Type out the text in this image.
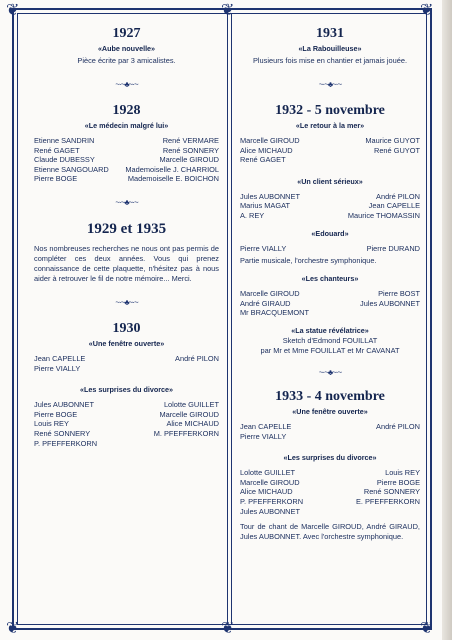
❦	❦
❦	❦
❦
❦
1927
«Aube nouvelle»
Pièce écrite par 3 amicalistes.
~·~♣~·~
1928
«Le médecin malgré lui»
Etienne SANDRIN	René VERMARE
René GAGET	René SONNERY
Claude DUBESSY	Marcelle GIROUD
Etienne SANGOUARD Mademoiselle J. CHARRIOL
Pierre BOGE	Mademoiselle E. BOICHON
~·~♣~·~
1929 et 1935
Nos nombreuses recherches ne nous ont pas permis de compléter ces deux années. Vous qui prenez connaissance de cette plaquette, n'hésitez pas à nous aider à retrouver le fil de notre mémoire... Merci.
~·~♣~·~
1930
«Une fenêtre ouverte»
Jean CAPELLE	André PILON
Pierre VIALLY
«Les surprises du divorce»
Jules AUBONNET	Lolotte GUILLET
Pierre BOGE	Marcelle GIROUD
Louis REY	Alice MICHAUD
René SONNERY	M. PFEFFERKORN
P. PFEFFERKORN
1931
«La Rabouilleuse»
Plusieurs fois mise en chantier et jamais jouée.
~·~♣~·~
1932 - 5 novembre
«Le retour à la mer»
Marcelle GIROUD	Maurice GUYOT
Alice MICHAUD	René GUYOT
René GAGET
«Un client sérieux»
Jules AUBONNET	André PILON
Marius MAGAT	Jean CAPELLE
A. REY	Maurice THOMASSIN
«Edouard»
Pierre VIALLY	Pierre DURAND
Partie musicale, l'orchestre symphonique.
«Les chanteurs»
Marcelle GIROUD	Pierre BOST
André GIRAUD	Jules AUBONNET
Mr BRACQUEMONT
«La statue révélatrice»
Sketch d'Edmond FOUILLAT
par Mr et Mme FOUILLAT et Mr CAVANAT
~·~♣~·~
1933 - 4 novembre
«Une fenêtre ouverte»
Jean CAPELLE	André PILON
Pierre VIALLY
«Les surprises du divorce»
Lolotte GUILLET	Louis REY
Marcelle GIROUD	Pierre BOGE
Alice MICHAUD	René SONNERY
P. PFEFFERKORN	E. PFEFFERKORN
Jules AUBONNET
Tour de chant de Marcelle GIROUD, André GIRAUD, Jules AUBONNET. Avec l'orchestre symphonique.
